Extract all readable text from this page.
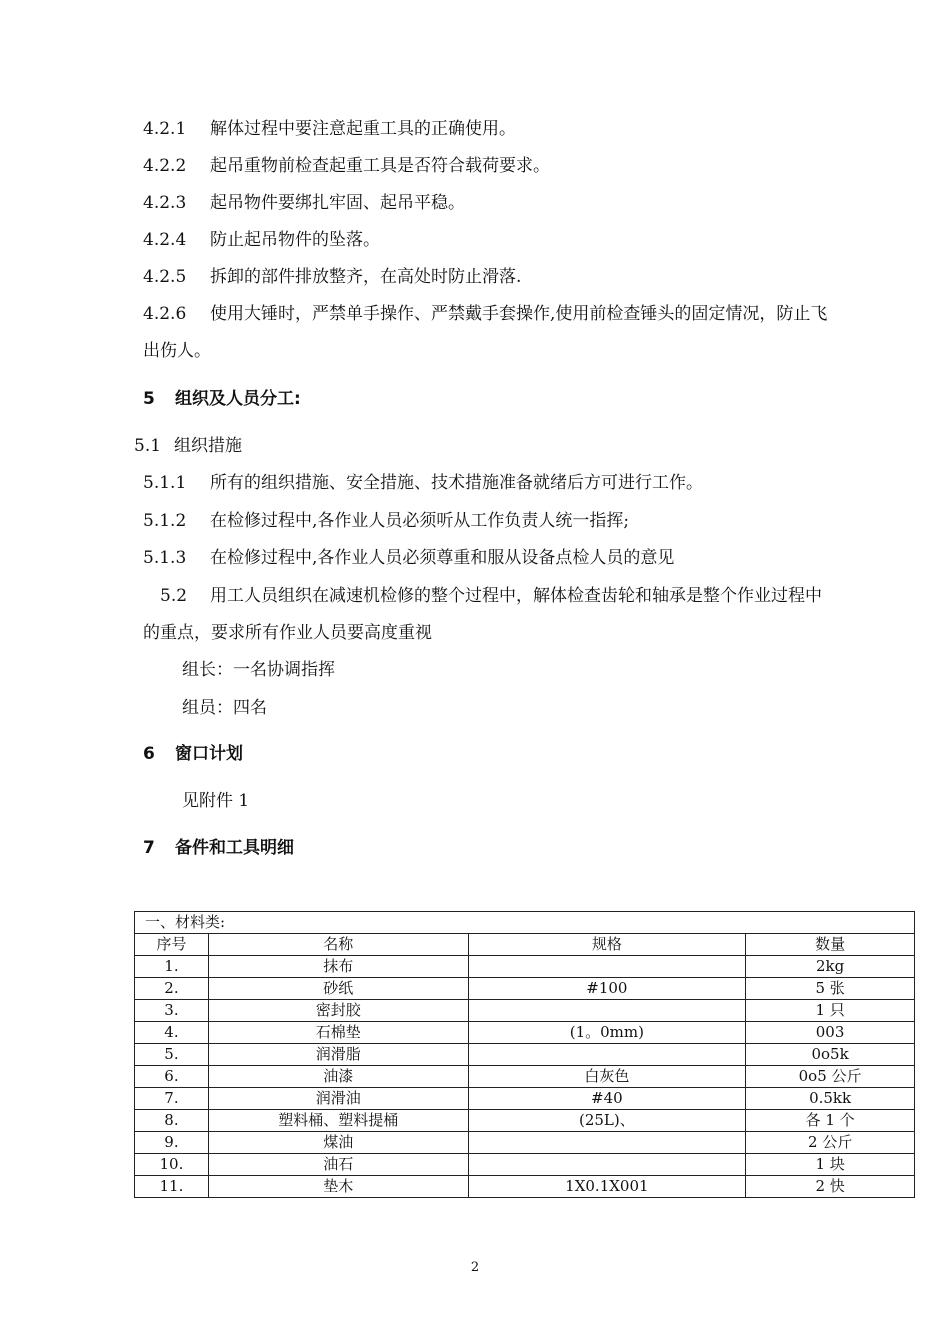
4.2.1 解体过程中要注意起重工具的正确使用。
4.2.2 起吊重物前检查起重工具是否符合载荷要求。
4.2.3 起吊物件要绑扎牢固、起吊平稳。
4.2.4 防止起吊物件的坠落。
4.2.5 拆卸的部件排放整齐，在高处时防止滑落.
4.2.6 使用大锤时，严禁单手操作、严禁戴手套操作,使用前检查锤头的固定情况，防止飞
出伤人。
5 组织及人员分工:
5.1 组织措施
5.1.1 所有的组织措施、安全措施、技术措施准备就绪后方可进行工作。
5.1.2 在检修过程中,各作业人员必须听从工作负责人统一指挥;
5.1.3 在检修过程中,各作业人员必须尊重和服从设备点检人员的意见
5.2 用工人员组织在减速机检修的整个过程中，解体检查齿轮和轴承是整个作业过程中
的重点，要求所有作业人员要高度重视
组长：一名协调指挥
组员：四名
6 窗口计划
见附件 1
7 备件和工具明细
一、材料类:			
序号	名称	规格	数量
1.	抹布		2kg
2.	砂纸	#100	5 张
3.	密封胶		1 只
4.	石棉垫	(1。0mm)	003
5.	润滑脂		0o5k
6.	油漆	白灰色	0o5 公斤
7.	润滑油	#40	0.5kk
8.	塑料桶、塑料提桶	(25L)、	各 1 个
9.	煤油		2 公斤
10.	油石		1 块
11.	垫木	1X0.1X001	2 快
2
